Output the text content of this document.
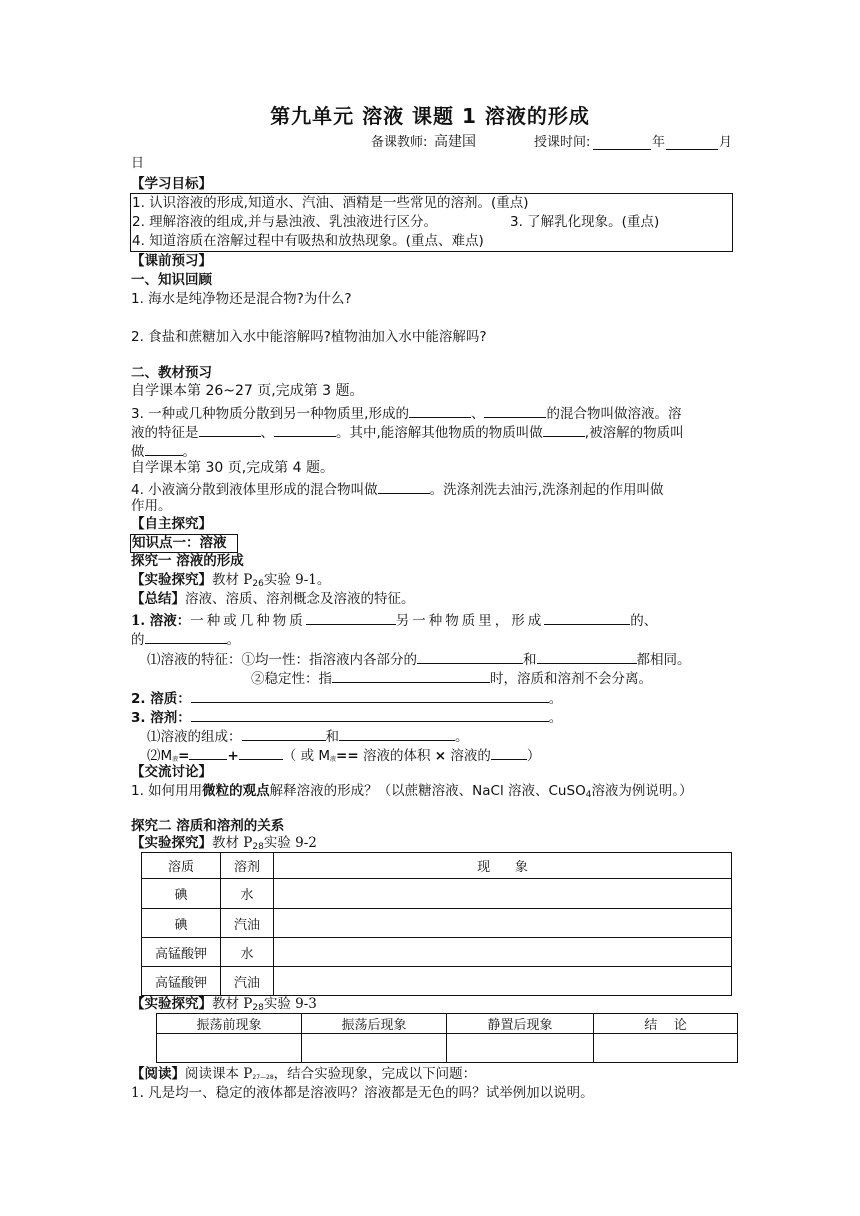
第九单元 溶液 课题 1 溶液的形成
备课教师: 高建国	授课时间:	年	月
日
【学习目标】
1. 认识溶液的形成,知道水、汽油、酒精是一些常见的溶剂。(重点)
2. 理解溶液的组成,并与悬浊液、乳浊液进行区分。	3. 了解乳化现象。(重点)
4. 知道溶质在溶解过程中有吸热和放热现象。(重点、难点)
【课前预习】
一、知识回顾
1. 海水是纯净物还是混合物?为什么?
2. 食盐和蔗糖加入水中能溶解吗?植物油加入水中能溶解吗?
二、教材预习
自学课本第 26~27 页,完成第 3 题。
3. 一种或几种物质分散到另一种物质里,形成的	、	的混合物叫做溶液。溶
液的特征是	、	。其中,能溶解其他物质的物质叫做	,被溶解的物质叫
做	。
自学课本第 30 页,完成第 4 题。
4. 小液滴分散到液体里形成的混合物叫做	。洗涤剂洗去油污,洗涤剂起的作用叫做
作用。
【自主探究】
知识点一：溶液
探究一 溶液的形成
【实验探究】教材 $P_{26}$实验 9-1。
【总结】溶液、溶质、溶剂概念及溶液的特征。
1. 溶液：一种或几种物质	另一种物质里，形成	的、
的	。
⑴溶液的特征：①均一性：指溶液内各部分的	和	都相同。
②稳定性：指	时，溶质和溶剂不会分离。
2. 溶质：	。
3. 溶剂：	。
⑴溶液的组成：	和	。
$⑵M_液=$	+	（ 或 $M_液==$ 溶液的体积 × 溶液的	）
【交流讨论】
1. 如何用用微粒的观点解释溶液的形成？（以蔗糖溶液、NaCl 溶液、CuSO$_4$溶液为例说明。）
探究二 溶质和溶剂的关系
【实验探究】教材 $P_{28}$实验 9-2
溶质	溶剂	现      象
碘	水	
碘	汽油	
高锰酸钾	水	
高锰酸钾	汽油	
【实验探究】教材 $P_{28}$实验 9-3
振荡前现象	振荡后现象	静置后现象	结    论

【阅读】阅读课本 $P_{27—28}$，结合实验现象，完成以下问题：
1. 凡是均一、稳定的液体都是溶液吗？溶液都是无色的吗？试举例加以说明。
